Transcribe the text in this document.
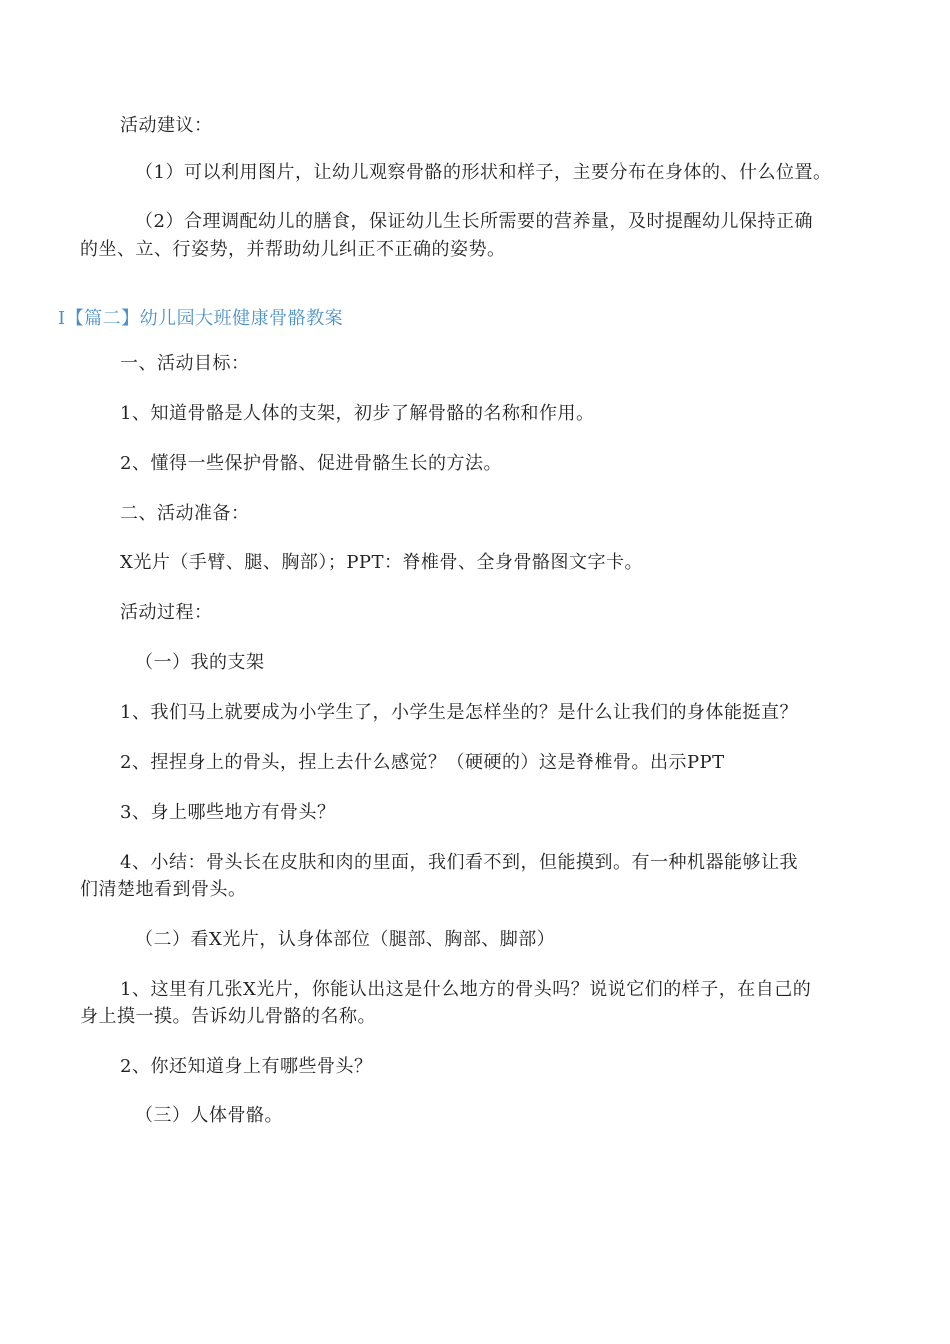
活动建议：
（1）可以利用图片，让幼儿观察骨骼的形状和样子，主要分布在身体的、什么位置。
（2）合理调配幼儿的膳食，保证幼儿生长所需要的营养量，及时提醒幼儿保持正确
的坐、立、行姿势，并帮助幼儿纠正不正确的姿势。
I【篇二】幼儿园大班健康骨骼教案
一、活动目标：
1、知道骨骼是人体的支架，初步了解骨骼的名称和作用。
2、懂得一些保护骨骼、促进骨骼生长的方法。
二、活动准备：
X光片（手臂、腿、胸部）；PPT：脊椎骨、全身骨骼图文字卡。
活动过程：
（一）我的支架
1、我们马上就要成为小学生了，小学生是怎样坐的？是什么让我们的身体能挺直？
2、捏捏身上的骨头，捏上去什么感觉？（硬硬的）这是脊椎骨。出示PPT
3、身上哪些地方有骨头？
4、小结：骨头长在皮肤和肉的里面，我们看不到，但能摸到。有一种机器能够让我
们清楚地看到骨头。
（二）看X光片，认身体部位（腿部、胸部、脚部）
1、这里有几张X光片，你能认出这是什么地方的骨头吗？说说它们的样子，在自己的
身上摸一摸。告诉幼儿骨骼的名称。
2、你还知道身上有哪些骨头？
（三）人体骨骼。
